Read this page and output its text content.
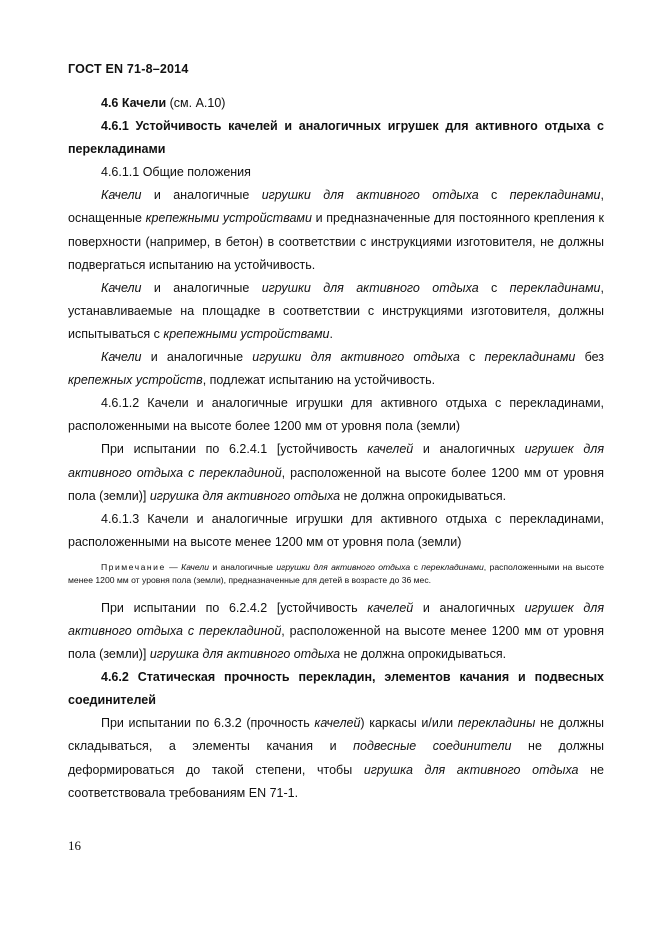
ГОСТ EN 71-8–2014

4.6 Качели (см. А.10)

4.6.1 Устойчивость качелей и аналогичных игрушек для активного отдыха с перекладинами

4.6.1.1 Общие положения

Качели и аналогичные игрушки для активного отдыха с перекладинами, оснащенные крепежными устройствами и предназначенные для постоянного крепления к поверхности (например, в бетон) в соответствии с инструкциями изготовителя, не должны подвергаться испытанию на устойчивость.

Качели и аналогичные игрушки для активного отдыха с перекладинами, устанавливаемые на площадке в соответствии с инструкциями изготовителя, должны испытываться с крепежными устройствами.

Качели и аналогичные игрушки для активного отдыха с перекладинами без крепежных устройств, подлежат испытанию на устойчивость.

4.6.1.2 Качели и аналогичные игрушки для активного отдыха с перекладинами, расположенными на высоте более 1200 мм от уровня пола (земли)

При испытании по 6.2.4.1 [устойчивость качелей и аналогичных игрушек для активного отдыха с перекладиной, расположенной на высоте более 1200 мм от уровня пола (земли)] игрушка для активного отдыха не должна опрокидываться.

4.6.1.3 Качели и аналогичные игрушки для активного отдыха с перекладинами, расположенными на высоте менее 1200 мм от уровня пола (земли)

Примечание — Качели и аналогичные игрушки для активного отдыха с перекладинами, расположенными на высоте менее 1200 мм от уровня пола (земли), предназначенные для детей в возрасте до 36 мес.

При испытании по 6.2.4.2 [устойчивость качелей и аналогичных игрушек для активного отдыха с перекладиной, расположенной на высоте менее 1200 мм от уровня пола (земли)] игрушка для активного отдыха не должна опрокидываться.

4.6.2 Статическая прочность перекладин, элементов качания и подвесных соединителей

При испытании по 6.3.2 (прочность качелей) каркасы и/или перекладины не должны складываться, а элементы качания и подвесные соединители не должны деформироваться до такой степени, чтобы игрушка для активного отдыха не соответствовала требованиям EN 71-1.

16
